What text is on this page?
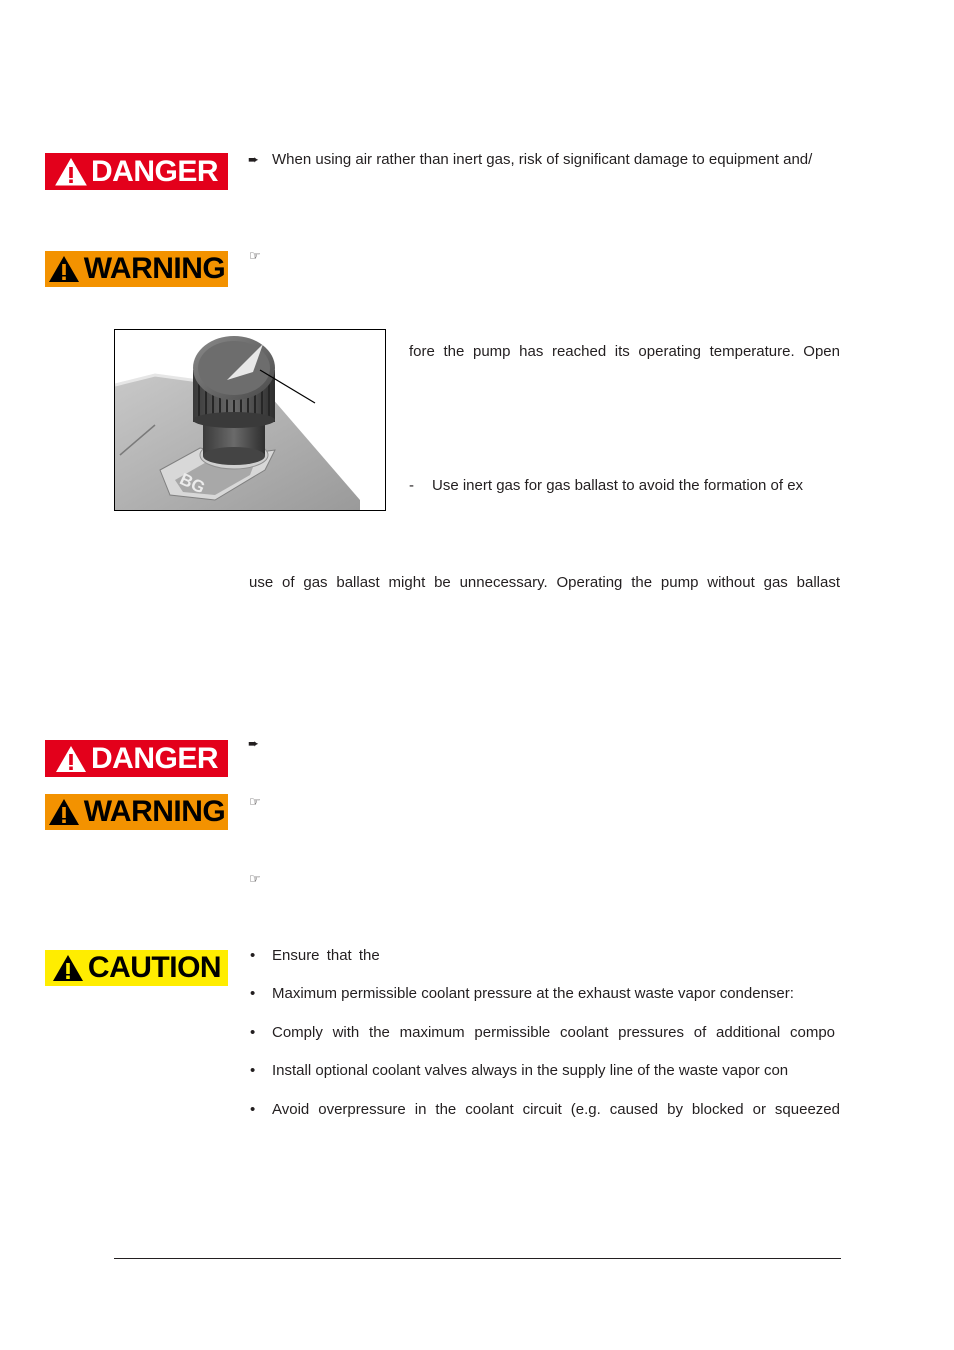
DANGER ➨ When using air rather than inert gas, risk of significant damage to equipment and/
WARNING ☞
BG
fore the pump has reached its operating temperature. Open
- Use inert gas for gas ballast to avoid the formation of ex
use of gas ballast might be unnecessary. Operating the pump without gas ballast
DANGER ➨
WARNING ☞
☞
CAUTION • Ensure that the
• Maximum permissible coolant pressure at the exhaust waste vapor condenser:
• Comply with the maximum permissible coolant pressures of additional compo
• Install optional coolant valves always in the supply line of the waste vapor con
• Avoid overpressure in the coolant circuit (e.g. caused by blocked or squeezed
